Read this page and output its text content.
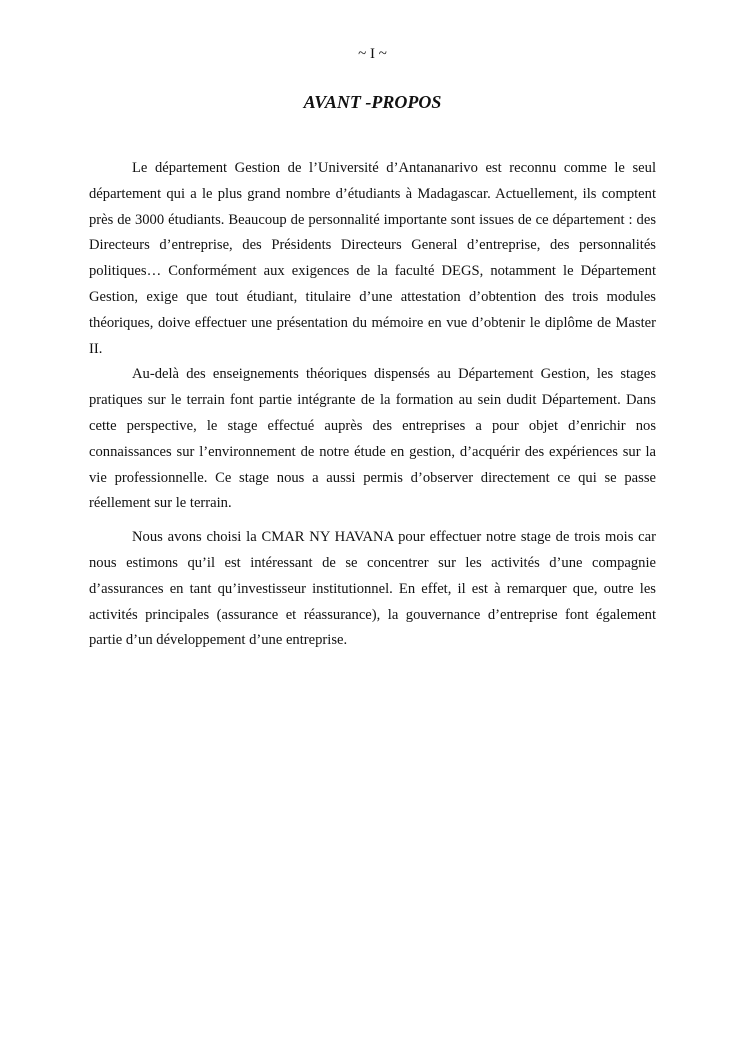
~ I ~
AVANT -PROPOS

Le département Gestion de l’Université d’Antananarivo est reconnu comme le seul département qui a le plus grand nombre d’étudiants à Madagascar. Actuellement, ils comptent près de 3000 étudiants. Beaucoup de personnalité importante sont issues de ce département : des Directeurs d’entreprise, des Présidents Directeurs General d’entreprise, des personnalités politiques… Conformément aux exigences de la faculté DEGS, notamment le Département Gestion, exige que tout étudiant, titulaire d’une attestation d’obtention des trois modules théoriques, doive effectuer une présentation du mémoire en vue d’obtenir le diplôme de Master II.

Au-delà des enseignements théoriques dispensés au Département Gestion, les stages pratiques sur le terrain font partie intégrante de la formation au sein dudit Département. Dans cette perspective, le stage effectué auprès des entreprises a pour objet d’enrichir nos connaissances sur l’environnement de notre étude en gestion, d’acquérir des expériences sur la vie professionnelle. Ce stage nous a aussi permis d’observer directement ce qui se passe réellement sur le terrain.

Nous avons choisi la CMAR NY HAVANA pour effectuer notre stage de trois mois car nous estimons qu’il est intéressant de se concentrer sur les activités d’une compagnie d’assurances en tant qu’investisseur institutionnel. En effet, il est à remarquer que, outre les activités principales (assurance et réassurance), la gouvernance d’entreprise font également partie d’un développement d’une entreprise.
